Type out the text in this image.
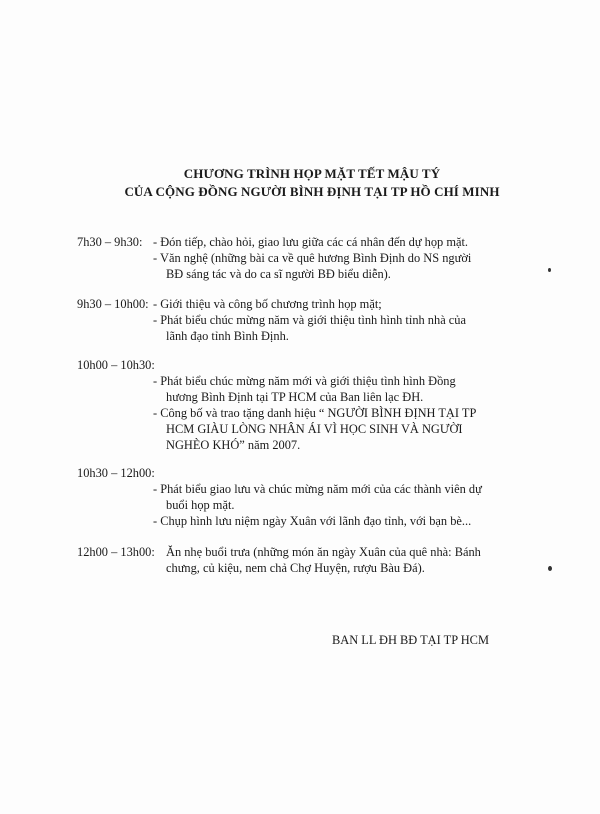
CHƯƠNG TRÌNH HỌP MẶT TẾT MẬU TÝ
CỦA CỘNG ĐỒNG NGƯỜI BÌNH ĐỊNH TẠI TP HỒ CHÍ MINH
7h30 – 9h30: - Đón tiếp, chào hỏi, giao lưu giữa các cá nhân đến dự họp mặt.
- Văn nghệ (những bài ca về quê hương Bình Định do NS người
BĐ sáng tác và do ca sĩ người BĐ biểu diễn).
9h30 – 10h00: - Giới thiệu và công bố chương trình họp mặt;
- Phát biểu chúc mừng năm và giới thiệu tình hình tỉnh nhà của
lãnh đạo tỉnh Bình Định.
10h00 – 10h30:
- Phát biểu chúc mừng năm mới và giới thiệu tình hình Đồng
hương Bình Định tại TP HCM của Ban liên lạc ĐH.
- Công bố và trao tặng danh hiệu “ NGƯỜI BÌNH ĐỊNH TẠI TP
HCM GIÀU LÒNG NHÂN ÁI VÌ HỌC SINH VÀ NGƯỜI
NGHÈO KHÓ” năm 2007.
10h30 – 12h00:
- Phát biểu giao lưu và chúc mừng năm mới của các thành viên dự
buổi họp mặt.
- Chụp hình lưu niệm ngày Xuân với lãnh đạo tỉnh, với bạn bè...
12h00 – 13h00: Ăn nhẹ buổi trưa (những món ăn ngày Xuân của quê nhà: Bánh
chưng, củ kiệu, nem chả Chợ Huyện, rượu Bàu Đá).
BAN LL ĐH BĐ TẠI TP HCM
